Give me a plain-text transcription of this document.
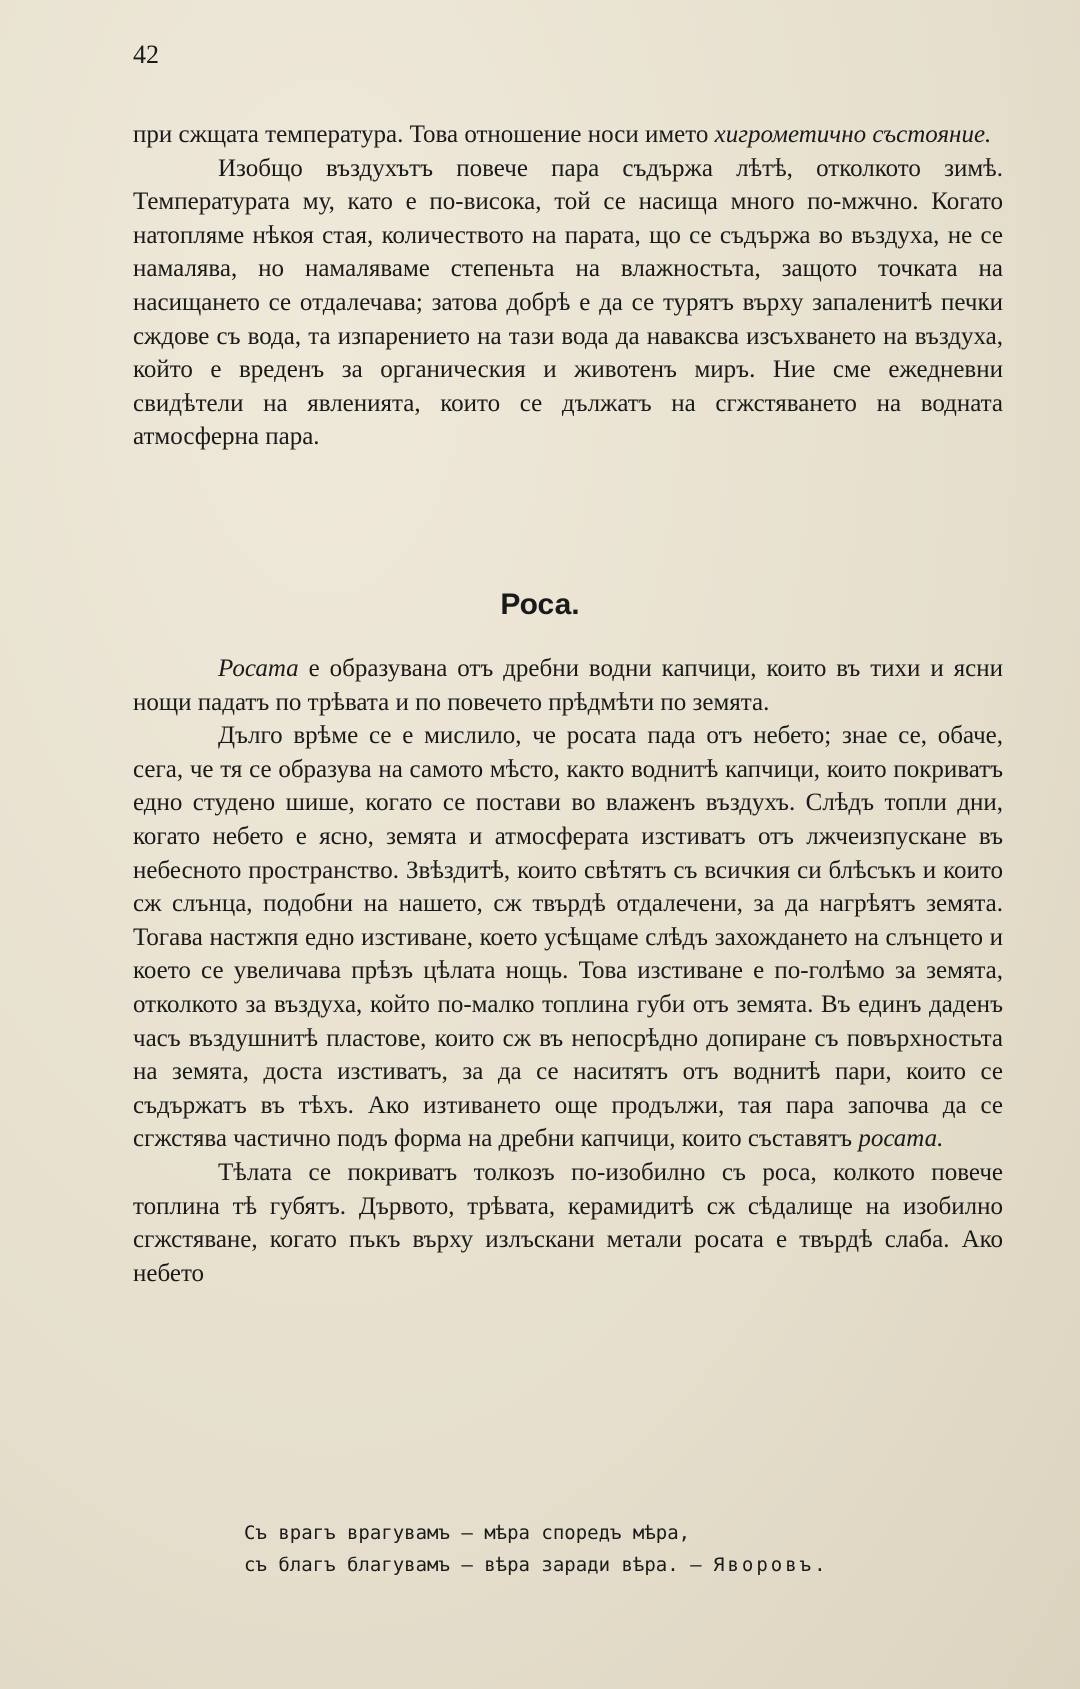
42

при сжщата температура. Това отношение носи името хигрометично състояние.

Изобщо въздухътъ повече пара съдържа лѣтѣ, отколкото зимѣ. Температурата му, като е по-висока, той се насища много по-мжчно. Когато натопляме нѣкоя стая, количеството на парата, що се съдържа во въздуха, не се намалява, но намаляваме степеньта на влажностьта, защото точката на насищането се отдалечава; затова добрѣ е да се турятъ върху запаленитѣ печки сждове съ вода, та изпарението на тази вода да наваксва изсъхването на въздуха, който е вреденъ за органическия и животенъ миръ. Ние сме ежедневни свидѣтели на явленията, които се дължатъ на сгжстяването на водната атмосферна пара.

Роса.

Росата е образувана отъ дребни водни капчици, които въ тихи и ясни нощи падатъ по трѣвата и по повечето прѣдмѣти по земята.

Дълго врѣме се е мислило, че росата пада отъ небето; знае се, обаче, сега, че тя се образува на самото мѣсто, както воднитѣ капчици, които покриватъ едно студено шише, когато се постави во влаженъ въздухъ. Слѣдъ топли дни, когато небето е ясно, земята и атмосферата изстиватъ отъ лжчеизпускане въ небесното пространство. Звѣздитѣ, които свѣтятъ съ всичкия си блѣсъкъ и които сж слънца, подобни на нашето, сж твърдѣ отдалечени, за да нагрѣятъ земята. Тогава настжпя едно изстиване, което усѣщаме слѣдъ захождането на слънцето и което се увеличава прѣзъ цѣлата нощь. Това изстиване е по-голѣмо за земята, отколкото за въздуха, който по-малко топлина губи отъ земята. Въ единъ даденъ часъ въздушнитѣ пластове, които сж въ непосрѣдно допиране съ повърхностьта на земята, доста изстиватъ, за да се наситятъ отъ воднитѣ пари, които се съдържатъ въ тѣхъ. Ако изтиването още продължи, тая пара започва да се сгжстява частично подъ форма на дребни капчици, които съставятъ росата.

Тѣлата се покриватъ толкозъ по-изобилно съ роса, колкото повече топлина тѣ губятъ. Дървото, трѣвата, керамидитѣ сж сѣдалище на изобилно сгжстяване, когато пъкъ върху излъскани метали росата е твърдѣ слаба. Ако небето

Съ врагъ врагувамъ — мѣра споредъ мѣра,
съ благъ благувамъ — вѣра заради вѣра. — Яворовъ.
